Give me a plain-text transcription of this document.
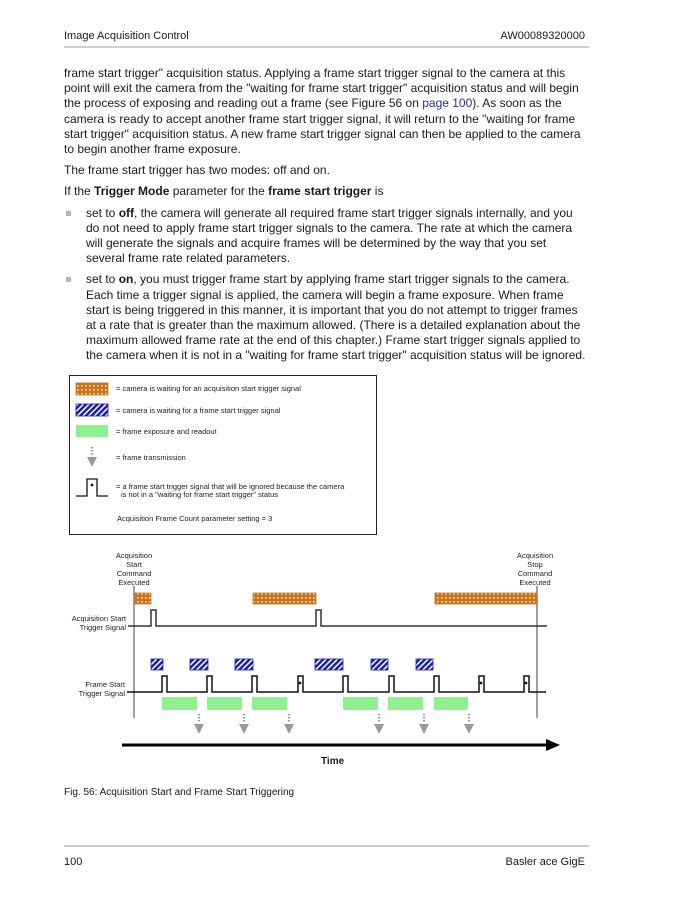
Image Acquisition Control	AW00089320000

frame start trigger" acquisition status. Applying a frame start trigger signal to the camera at this point will exit the camera from the "waiting for frame start trigger" acquisition status and will begin the process of exposing and reading out a frame (see Figure 56 on page 100). As soon as the camera is ready to accept another frame start trigger signal, it will return to the "waiting for frame start trigger" acquisition status. A new frame start trigger signal can then be applied to the camera to begin another frame exposure.

The frame start trigger has two modes: off and on.

If the Trigger Mode parameter for the frame start trigger is

set to off, the camera will generate all required frame start trigger signals internally, and you do not need to apply frame start trigger signals to the camera. The rate at which the camera will generate the signals and acquire frames will be determined by the way that you set several frame rate related parameters.
set to on, you must trigger frame start by applying frame start trigger signals to the camera. Each time a trigger signal is applied, the camera will begin a frame exposure. When frame start is being triggered in this manner, it is important that you do not attempt to trigger frames at a rate that is greater than the maximum allowed. (There is a detailed explanation about the maximum allowed frame rate at the end of this chapter.) Frame start trigger signals applied to the camera when it is not in a "waiting for frame start trigger" acquisition status will be ignored.
= camera is waiting for an acquisition start trigger signal
= camera is waiting for a frame start trigger signal
= frame exposure and readout
= frame transmission
= a frame start trigger signal that will be ignored because the camera
is not in a "waiting for frame start trigger" status
Acquisition Frame Count parameter setting = 3
Acquisition
Start
Command
Executed
Acquisition
Stop
Command
Executed
Acquisition Start
Trigger Signal
Frame Start
Trigger Signal
Time
Fig. 56: Acquisition Start and Frame Start Triggering
100	Basler ace GigE
